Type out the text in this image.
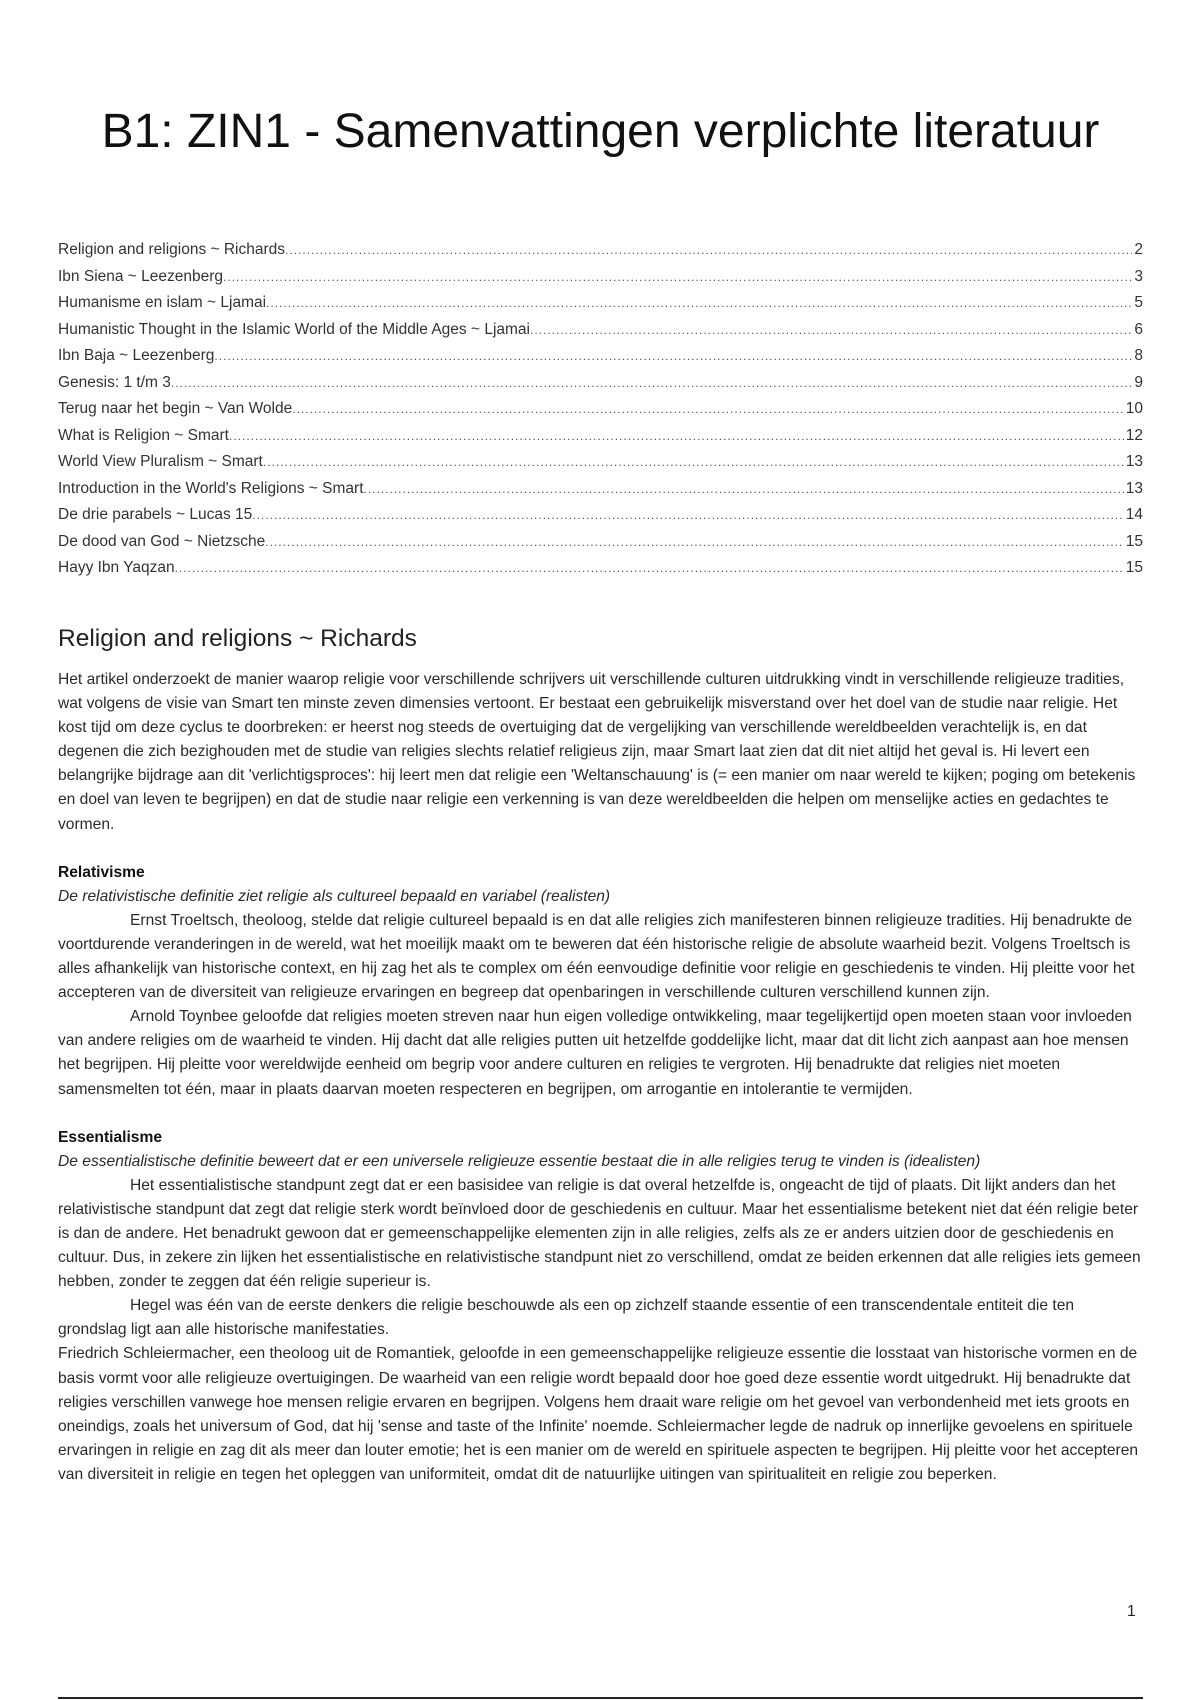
B1: ZIN1 - Samenvattingen verplichte literatuur
Religion and religions ~ Richards .....	2
Ibn Siena ~ Leezenberg .....	3
Humanisme en islam ~ Ljamai .....	5
Humanistic Thought in the Islamic World of the Middle Ages ~ Ljamai .....	6
Ibn Baja ~ Leezenberg .....	8
Genesis: 1 t/m 3 .....	9
Terug naar het begin ~ Van Wolde .....	10
What is Religion ~ Smart .....	12
World View Pluralism ~ Smart .....	13
Introduction in the World's Religions ~ Smart .....	13
De drie parabels ~ Lucas 15 .....	14
De dood van God ~ Nietzsche .....	15
Hayy Ibn Yaqzan .....	15
Religion and religions ~ Richards

Het artikel onderzoekt de manier waarop religie voor verschillende schrijvers uit verschillende culturen uitdrukking vindt in verschillende religieuze tradities, wat volgens de visie van Smart ten minste zeven dimensies vertoont. Er bestaat een gebruikelijk misverstand over het doel van de studie naar religie. Het kost tijd om deze cyclus te doorbreken: er heerst nog steeds de overtuiging dat de vergelijking van verschillende wereldbeelden verachtelijk is, en dat degenen die zich bezighouden met de studie van religies slechts relatief religieus zijn, maar Smart laat zien dat dit niet altijd het geval is. Hi levert een belangrijke bijdrage aan dit 'verlichtigsproces': hij leert men dat religie een 'Weltanschauung' is (= een manier om naar wereld te kijken; poging om betekenis en doel van leven te begrijpen) en dat de studie naar religie een verkenning is van deze wereldbeelden die helpen om menselijke acties en gedachtes te vormen.

Relativisme

De relativistische definitie ziet religie als cultureel bepaald en variabel (realisten)

Ernst Troeltsch, theoloog, stelde dat religie cultureel bepaald is en dat alle religies zich manifesteren binnen religieuze tradities. Hij benadrukte de voortdurende veranderingen in de wereld, wat het moeilijk maakt om te beweren dat één historische religie de absolute waarheid bezit. Volgens Troeltsch is alles afhankelijk van historische context, en hij zag het als te complex om één eenvoudige definitie voor religie en geschiedenis te vinden. Hij pleitte voor het accepteren van de diversiteit van religieuze ervaringen en begreep dat openbaringen in verschillende culturen verschillend kunnen zijn.

Arnold Toynbee geloofde dat religies moeten streven naar hun eigen volledige ontwikkeling, maar tegelijkertijd open moeten staan voor invloeden van andere religies om de waarheid te vinden. Hij dacht dat alle religies putten uit hetzelfde goddelijke licht, maar dat dit licht zich aanpast aan hoe mensen het begrijpen. Hij pleitte voor wereldwijde eenheid om begrip voor andere culturen en religies te vergroten. Hij benadrukte dat religies niet moeten samensmelten tot één, maar in plaats daarvan moeten respecteren en begrijpen, om arrogantie en intolerantie te vermijden.

Essentialisme

De essentialistische definitie beweert dat er een universele religieuze essentie bestaat die in alle religies terug te vinden is (idealisten)

Het essentialistische standpunt zegt dat er een basisidee van religie is dat overal hetzelfde is, ongeacht de tijd of plaats. Dit lijkt anders dan het relativistische standpunt dat zegt dat religie sterk wordt beïnvloed door de geschiedenis en cultuur. Maar het essentialisme betekent niet dat één religie beter is dan de andere. Het benadrukt gewoon dat er gemeenschappelijke elementen zijn in alle religies, zelfs als ze er anders uitzien door de geschiedenis en cultuur. Dus, in zekere zin lijken het essentialistische en relativistische standpunt niet zo verschillend, omdat ze beiden erkennen dat alle religies iets gemeen hebben, zonder te zeggen dat één religie superieur is.

Hegel was één van de eerste denkers die religie beschouwde als een op zichzelf staande essentie of een transcendentale entiteit die ten grondslag ligt aan alle historische manifestaties.

Friedrich Schleiermacher, een theoloog uit de Romantiek, geloofde in een gemeenschappelijke religieuze essentie die losstaat van historische vormen en de basis vormt voor alle religieuze overtuigingen. De waarheid van een religie wordt bepaald door hoe goed deze essentie wordt uitgedrukt. Hij benadrukte dat religies verschillen vanwege hoe mensen religie ervaren en begrijpen. Volgens hem draait ware religie om het gevoel van verbondenheid met iets groots en oneindigs, zoals het universum of God, dat hij 'sense and taste of the Infinite' noemde. Schleiermacher legde de nadruk op innerlijke gevoelens en spirituele ervaringen in religie en zag dit als meer dan louter emotie; het is een manier om de wereld en spirituele aspecten te begrijpen. Hij pleitte voor het accepteren van diversiteit in religie en tegen het opleggen van uniformiteit, omdat dit de natuurlijke uitingen van spiritualiteit en religie zou beperken.

1
